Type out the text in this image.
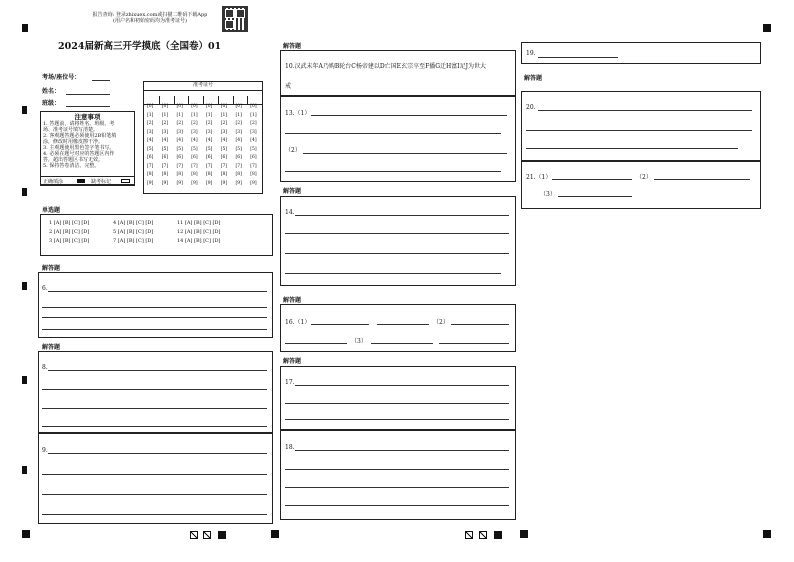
报告查询: 登录zhixuex.com或扫描二维码下载App
(用户名和初始密码均为准考证号)
2024届新高三开学摸底（全国卷）01
考场/座位号：
姓名：
班级：
准考证号
[0] [0] [0] [0] [0] [0] [0] [0]
[1] [1] [1] [1] [1] [1] [1] [1]
[2] [2] [2] [2] [2] [2] [2] [2]
[3] [3] [3] [3] [3] [3] [3] [3]
[4] [4] [4] [4] [4] [4] [4] [4]
[5] [5] [5] [5] [5] [5] [5] [5]
[6] [6] [6] [6] [6] [6] [6] [6]
[7] [7] [7] [7] [7] [7] [7] [7]
[8] [8] [8] [8] [8] [8] [8] [8]
[9] [9] [9] [9] [9] [9] [9] [9]
注意事项
1. 答题前，请将姓名、班级、考
场、准考证号填写清楚。
2. 客观题答题必须使用2B铅笔填
涂，修改时用橡皮擦干净。
3. 主观题使用黑色签字笔书写。
4. 必须在题号对应的答题区内作
答，超出答题区书写无效。
5. 保持答卷清洁、完整。
正确填涂	缺考标记
单选题
1 [A] [B] [C] [D]	4 [A] [B] [C] [D]	11 [A] [B] [C] [D]
2 [A] [B] [C] [D]	5 [A] [B] [C] [D]	12 [A] [B] [C] [D]
3 [A] [B] [C] [D]	7 [A] [B] [C] [D]	14 [A] [B] [C] [D]
解答题
6.
解答题
8.
9.
解答题
10.汉武末年A乃购B轮台C杨帝建以D亡国E玄宗卒至F播G迁H富I足J为世大
戒
13.（1）
（2）
解答题
14.
解答题
16.（1）	（2）
（3）
解答题
17.
18.
19.
解答题
20.
21.（1）	（2）
（3）
